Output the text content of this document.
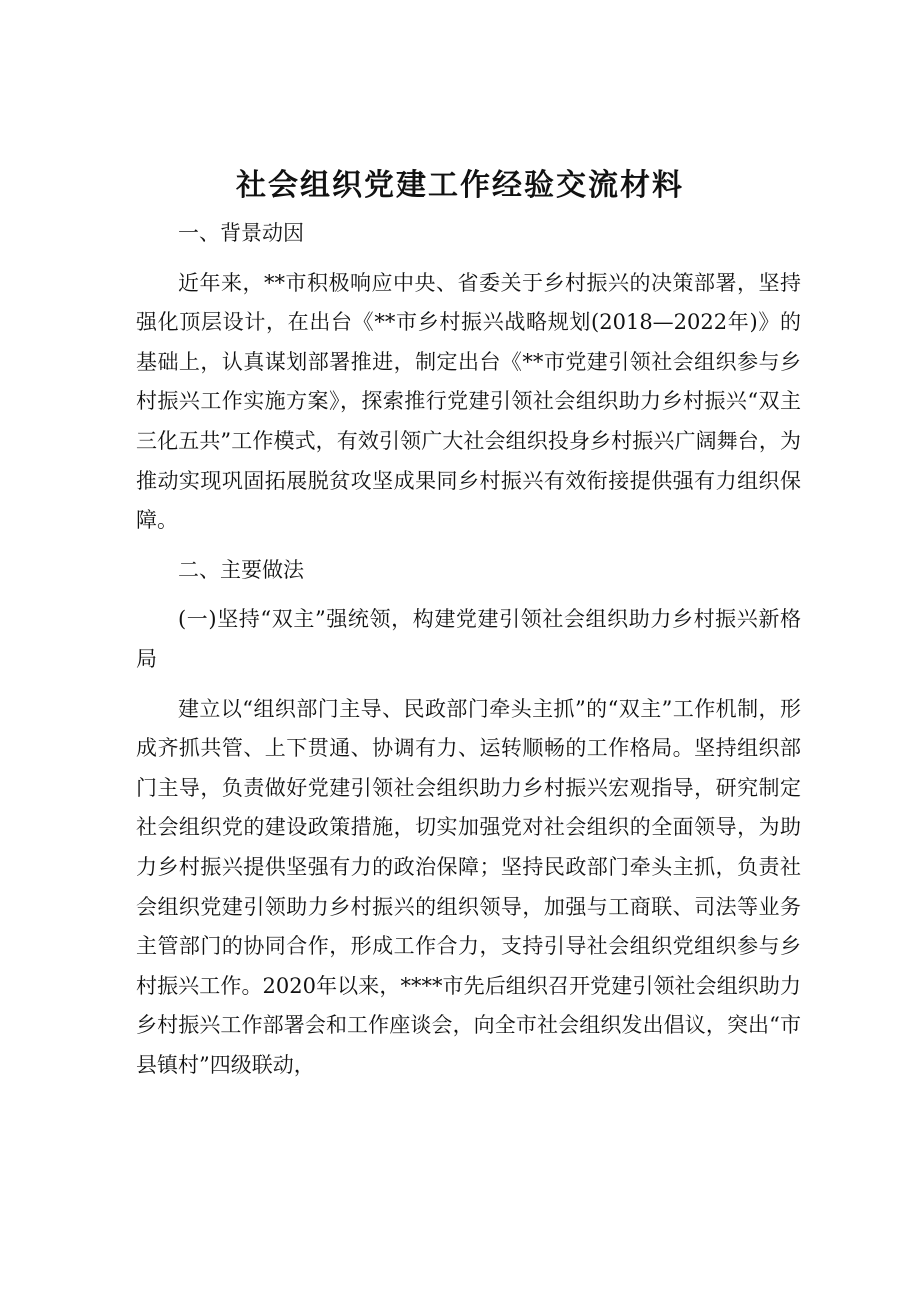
社会组织党建工作经验交流材料

一、背景动因

近年来，**市积极响应中央、省委关于乡村振兴的决策部署，坚持强化顶层设计，在出台《**市乡村振兴战略规划(2018—2022年)》的基础上，认真谋划部署推进，制定出台《**市党建引领社会组织参与乡村振兴工作实施方案》，探索推行党建引领社会组织助力乡村振兴“双主三化五共”工作模式，有效引领广大社会组织投身乡村振兴广阔舞台，为推动实现巩固拓展脱贫攻坚成果同乡村振兴有效衔接提供强有力组织保障。

二、主要做法

(一)坚持“双主”强统领，构建党建引领社会组织助力乡村振兴新格局

建立以“组织部门主导、民政部门牵头主抓”的“双主”工作机制，形成齐抓共管、上下贯通、协调有力、运转顺畅的工作格局。坚持组织部门主导，负责做好党建引领社会组织助力乡村振兴宏观指导，研究制定社会组织党的建设政策措施，切实加强党对社会组织的全面领导，为助力乡村振兴提供坚强有力的政治保障；坚持民政部门牵头主抓，负责社会组织党建引领助力乡村振兴的组织领导，加强与工商联、司法等业务主管部门的协同合作，形成工作合力，支持引导社会组织党组织参与乡村振兴工作。2020年以来，****市先后组织召开党建引领社会组织助力乡村振兴工作部署会和工作座谈会，向全市社会组织发出倡议，突出“市县镇村”四级联动，
